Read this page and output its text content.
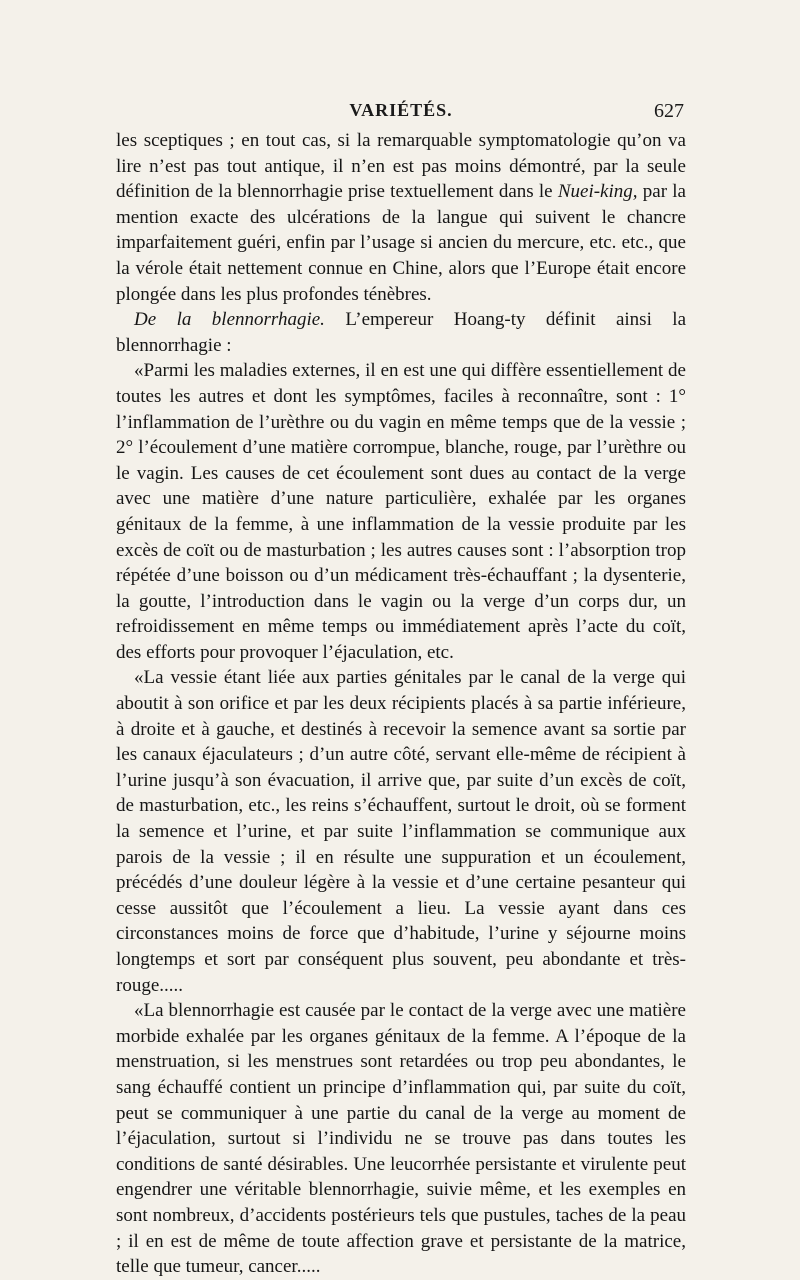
VARIÉTÉS.	627

les sceptiques ; en tout cas, si la remarquable symptomatologie qu’on va lire n’est pas tout antique, il n’en est pas moins démontré, par la seule définition de la blennorrhagie prise textuellement dans le Nuei-king, par la mention exacte des ulcérations de la langue qui suivent le chancre imparfaitement guéri, enfin par l’usage si ancien du mercure, etc. etc., que la vérole était nettement connue en Chine, alors que l’Europe était encore plongée dans les plus profondes ténèbres.

De la blennorrhagie. L’empereur Hoang-ty définit ainsi la blennorrhagie :

«Parmi les maladies externes, il en est une qui diffère essentiellement de toutes les autres et dont les symptômes, faciles à reconnaître, sont : 1° l’inflammation de l’urèthre ou du vagin en même temps que de la vessie ; 2° l’écoulement d’une matière corrompue, blanche, rouge, par l’urèthre ou le vagin. Les causes de cet écoulement sont dues au contact de la verge avec une matière d’une nature particulière, exhalée par les organes génitaux de la femme, à une inflammation de la vessie produite par les excès de coït ou de masturbation ; les autres causes sont : l’absorption trop répétée d’une boisson ou d’un médicament très-échauffant ; la dysenterie, la goutte, l’introduction dans le vagin ou la verge d’un corps dur, un refroidissement en même temps ou immédiatement après l’acte du coït, des efforts pour provoquer l’éjaculation, etc.

«La vessie étant liée aux parties génitales par le canal de la verge qui aboutit à son orifice et par les deux récipients placés à sa partie inférieure, à droite et à gauche, et destinés à recevoir la semence avant sa sortie par les canaux éjaculateurs ; d’un autre côté, servant elle-même de récipient à l’urine jusqu’à son évacuation, il arrive que, par suite d’un excès de coït, de masturbation, etc., les reins s’échauffent, surtout le droit, où se forment la semence et l’urine, et par suite l’inflammation se communique aux parois de la vessie ; il en résulte une suppuration et un écoulement, précédés d’une douleur légère à la vessie et d’une certaine pesanteur qui cesse aussitôt que l’écoulement a lieu. La vessie ayant dans ces circonstances moins de force que d’habitude, l’urine y séjourne moins longtemps et sort par conséquent plus souvent, peu abondante et très-rouge.....

«La blennorrhagie est causée par le contact de la verge avec une matière morbide exhalée par les organes génitaux de la femme. A l’époque de la menstruation, si les menstrues sont retardées ou trop peu abondantes, le sang échauffé contient un principe d’inflammation qui, par suite du coït, peut se communiquer à une partie du canal de la verge au moment de l’éjaculation, surtout si l’individu ne se trouve pas dans toutes les conditions de santé désirables. Une leucorrhée persistante et virulente peut engendrer une véritable blennorrhagie, suivie même, et les exemples en sont nombreux, d’accidents postérieurs tels que pustules, taches de la peau ; il en est de même de toute affection grave et persistante de la matrice, telle que tumeur, cancer.....
